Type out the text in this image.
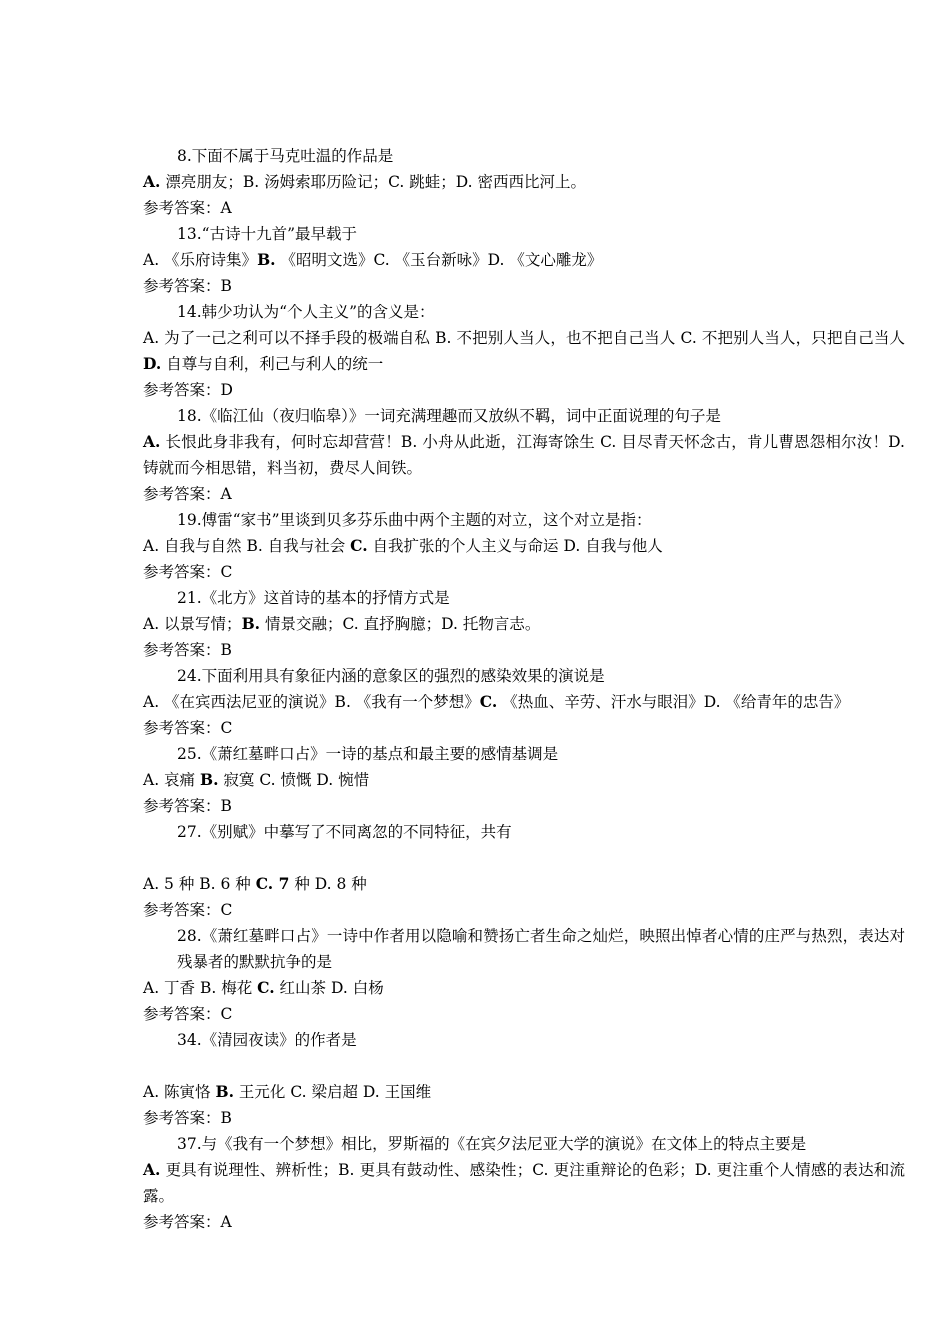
8.下面不属于马克吐温的作品是
A. 漂亮朋友；B. 汤姆索耶历险记；C. 跳蛙；D. 密西西比河上。
参考答案：A
13.“古诗十九首”最早载于
A. 《乐府诗集》B. 《昭明文选》C. 《玉台新咏》D. 《文心雕龙》
参考答案：B
14.韩少功认为“个人主义”的含义是：
A. 为了一己之利可以不择手段的极端自私 B. 不把别人当人，也不把自己当人 C. 不把别人当人，只把自己当人 D. 自尊与自利，利己与利人的统一
参考答案：D
18.《临江仙（夜归临皋）》一词充满理趣而又放纵不羁，词中正面说理的句子是
A. 长恨此身非我有，何时忘却营营！B. 小舟从此逝，江海寄馀生 C. 目尽青天怀念古，肯儿曹恩怨相尔汝！D. 铸就而今相思错，料当初，费尽人间铁。
参考答案：A
19.傅雷“家书”里谈到贝多芬乐曲中两个主题的对立，这个对立是指：
A. 自我与自然 B. 自我与社会 C. 自我扩张的个人主义与命运 D. 自我与他人
参考答案：C
21.《北方》这首诗的基本的抒情方式是
A. 以景写情；B. 情景交融；C. 直抒胸臆；D. 托物言志。
参考答案：B
24.下面利用具有象征内涵的意象区的强烈的感染效果的演说是
A. 《在宾西法尼亚的演说》B. 《我有一个梦想》C. 《热血、辛劳、汗水与眼泪》D. 《给青年的忠告》
参考答案：C
25.《萧红墓畔口占》一诗的基点和最主要的感情基调是
A. 哀痛 B. 寂寞 C. 愤慨 D. 惋惜
参考答案：B
27.《别赋》中摹写了不同离忽的不同特征，共有
A. 5 种 B. 6 种 C. 7 种 D. 8 种
参考答案：C
28.《萧红墓畔口占》一诗中作者用以隐喻和赞扬亡者生命之灿烂，映照出悼者心情的庄严与热烈，表达对残暴者的默默抗争的是
A. 丁香 B. 梅花 C. 红山茶 D. 白杨
参考答案：C
34.《清园夜读》的作者是
A. 陈寅恪 B. 王元化 C. 梁启超 D. 王国维
参考答案：B
37.与《我有一个梦想》相比，罗斯福的《在宾夕法尼亚大学的演说》在文体上的特点主要是
A. 更具有说理性、辨析性；B. 更具有鼓动性、感染性；C. 更注重辩论的色彩；D. 更注重个人情感的表达和流露。
参考答案：A
